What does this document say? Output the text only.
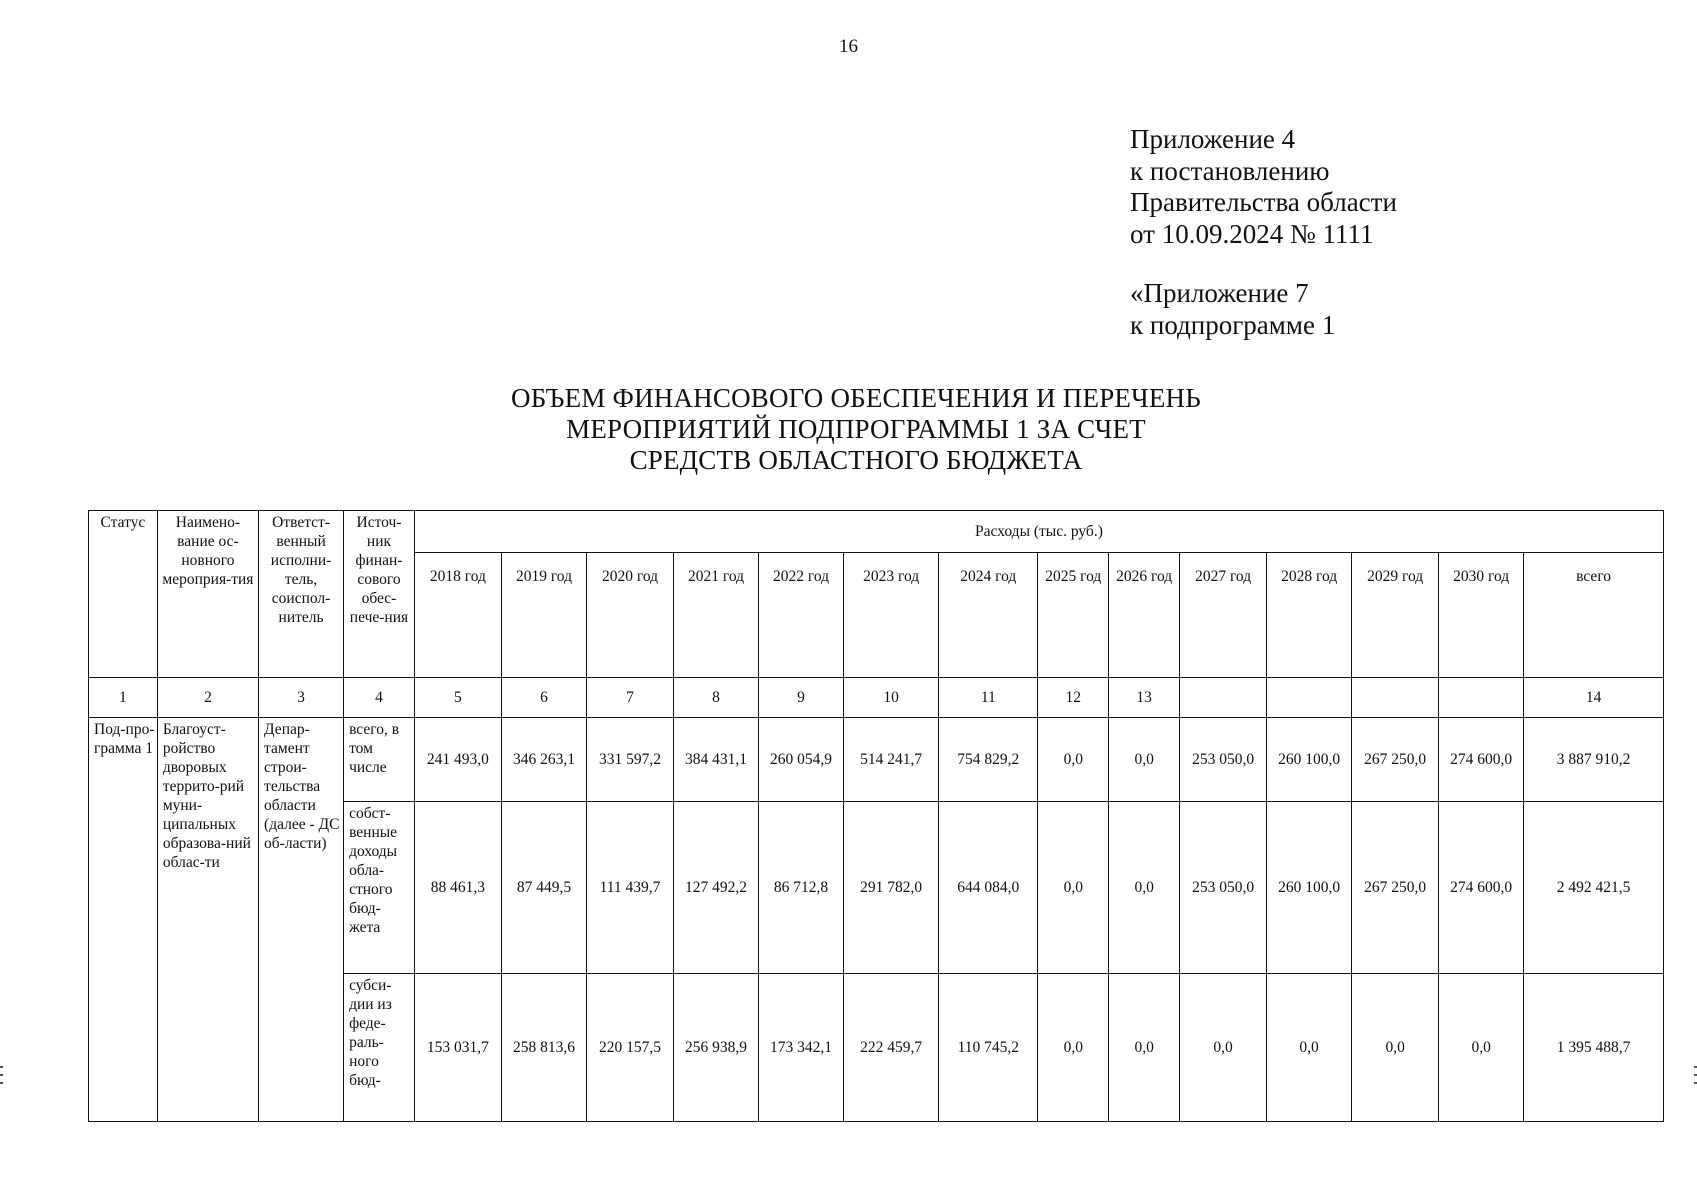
16
Приложение 4
к постановлению
Правительства области
от 10.09.2024 № 1111
«Приложение 7
к подпрограмме 1
ОБЪЕМ ФИНАНСОВОГО ОБЕСПЕЧЕНИЯ И ПЕРЕЧЕНЬ
МЕРОПРИЯТИЙ ПОДПРОГРАММЫ 1 ЗА СЧЕТ
СРЕДСТВ ОБЛАСТНОГО БЮДЖЕТА
Статус	Наимено-вание ос-новного мероприя-тия	Ответст-венный исполни-тель, соиспол-нитель	Источ-ник финан-сового обес-пече-ния	Расходы (тыс. руб.)													
				2018 год	2019 год	2020 год	2021 год	2022 год	2023 год	2024 год	2025 год	2026 год	2027 год	2028 год	2029 год	2030 год	всего
1	2	3	4	5	6	7	8	9	10	11	12	13					14
Под-про-грамма 1	Благоуст-ройство дворовых террито-рий муни-ципальных образова-ний облас-ти	Депар-тамент строи-тельства области (далее - ДС об-ласти)	всего, в том числе	241 493,0	346 263,1	331 597,2	384 431,1	260 054,9	514 241,7	754 829,2	0,0	0,0	253 050,0	260 100,0	267 250,0	274 600,0	3 887 910,2
			собст-венные доходы обла-стного бюд-жета	88 461,3	87 449,5	111 439,7	127 492,2	86 712,8	291 782,0	644 084,0	0,0	0,0	253 050,0	260 100,0	267 250,0	274 600,0	2 492 421,5
			субси-дии из феде-раль-ного бюд-	153 031,7	258 813,6	220 157,5	256 938,9	173 342,1	222 459,7	110 745,2	0,0	0,0	0,0	0,0	0,0	0,0	1 395 488,7
